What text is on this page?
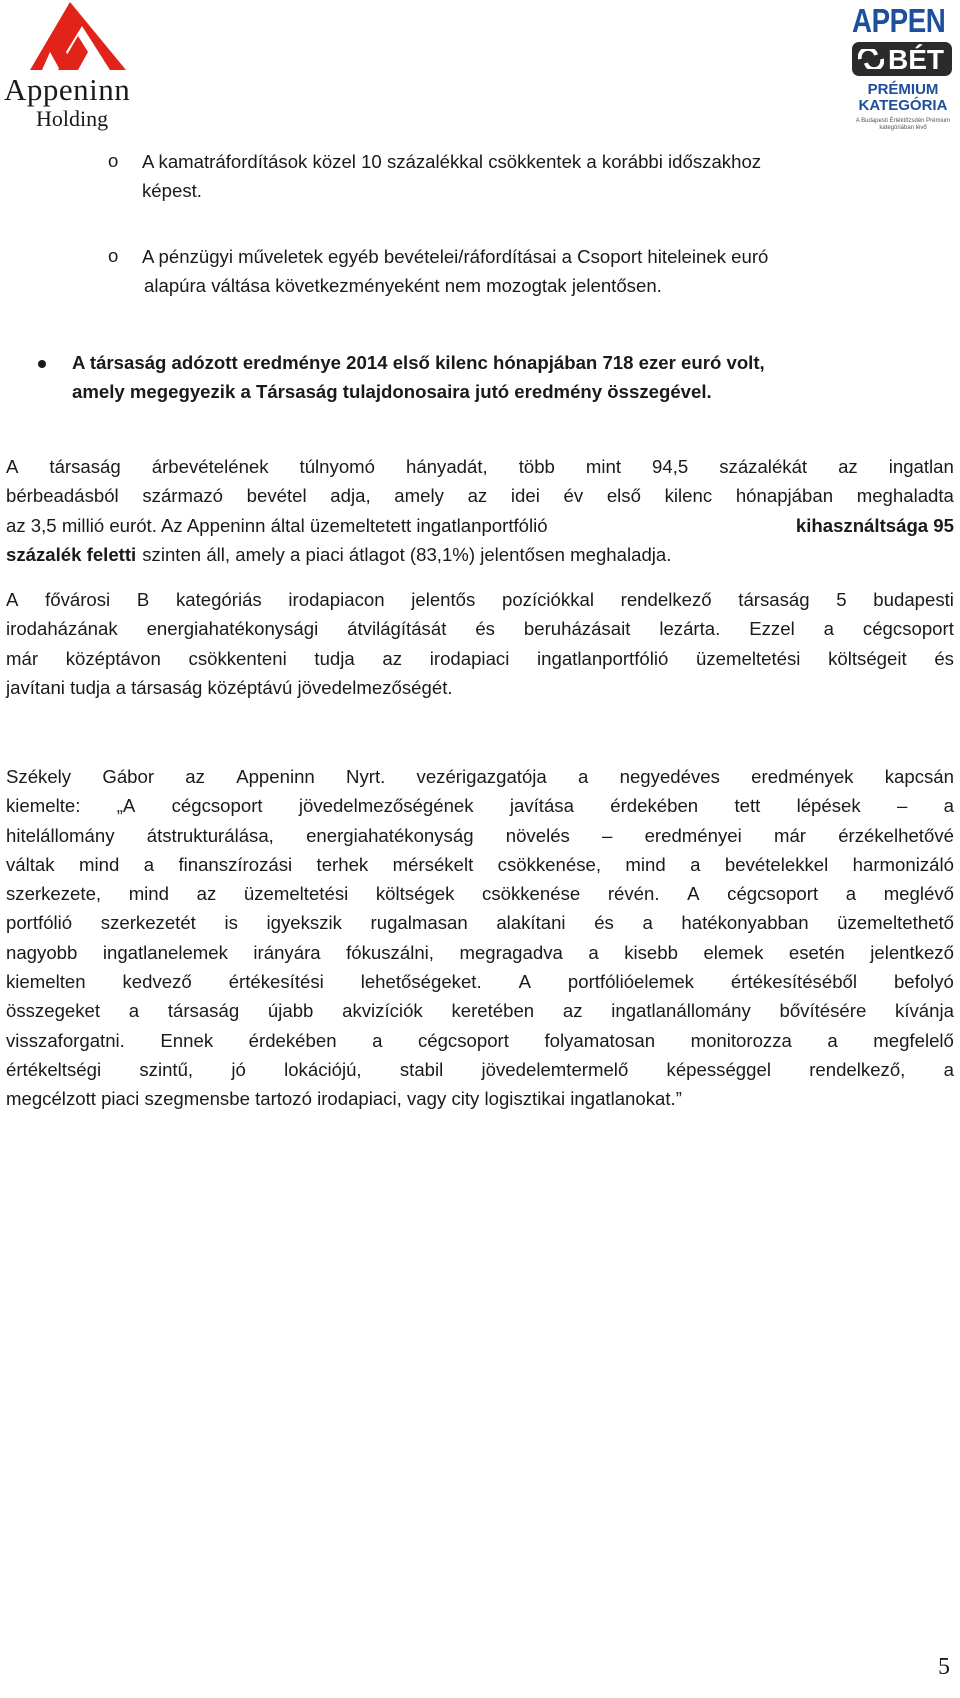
Appeninn
Holding
APPEN
BÉT
PRÉMIUM
KATEGÓRIA
A Budapesti Értéktőzsdén Prémium kategóriában lévő
o A kamatráfordítások közel 10 százalékkal csökkentek a korábbi időszakhoz
képest.
o A pénzügyi műveletek egyéb bevételei/ráfordításai a Csoport hiteleinek euró
alapúra váltása következményeként nem mozogtak jelentősen.
A társaság adózott eredménye 2014 első kilenc hónapjában 718 ezer euró volt,
amely megegyezik a Társaság tulajdonosaira jutó eredmény összegével.
A társaság árbevételének túlnyomó hányadát, több mint 94,5 százalékát az ingatlan
bérbeadásból származó bevétel adja, amely az idei év első kilenc hónapjában meghaladta
az 3,5 millió eurót. Az Appeninn által üzemeltetett ingatlanportfólió	kihasználtsága 95
százalék feletti szinten áll, amely a piaci átlagot (83,1%) jelentősen meghaladja.
A fővárosi B kategóriás irodapiacon jelentős pozíciókkal rendelkező társaság 5 budapesti
irodaházának energiahatékonysági átvilágítását és beruházásait lezárta. Ezzel a cégcsoport
már középtávon csökkenteni tudja az irodapiaci ingatlanportfólió üzemeltetési költségeit és
javítani tudja a társaság középtávú jövedelmezőségét.
Székely Gábor az Appeninn Nyrt. vezérigazgatója a negyedéves eredmények kapcsán
kiemelte: „A cégcsoport jövedelmezőségének javítása érdekében tett lépések – a
hitelállomány átstrukturálása, energiahatékonyság növelés – eredményei már érzékelhetővé
váltak mind a finanszírozási terhek mérsékelt csökkenése, mind a bevételekkel harmonizáló
szerkezete, mind az üzemeltetési költségek csökkenése révén. A cégcsoport a meglévő
portfólió szerkezetét is igyekszik rugalmasan alakítani és a hatékonyabban üzemeltethető
nagyobb ingatlanelemek irányára fókuszálni, megragadva a kisebb elemek esetén jelentkező
kiemelten kedvező értékesítési lehetőségeket. A portfólióelemek értékesítéséből befolyó
összegeket a társaság újabb akvizíciók keretében az ingatlanállomány bővítésére kívánja
visszaforgatni. Ennek érdekében a cégcsoport folyamatosan monitorozza a megfelelő
értékeltségi szintű, jó lokációjú, stabil jövedelemtermelő képességgel rendelkező, a
megcélzott piaci szegmensbe tartozó irodapiaci, vagy city logisztikai ingatlanokat.”
5
